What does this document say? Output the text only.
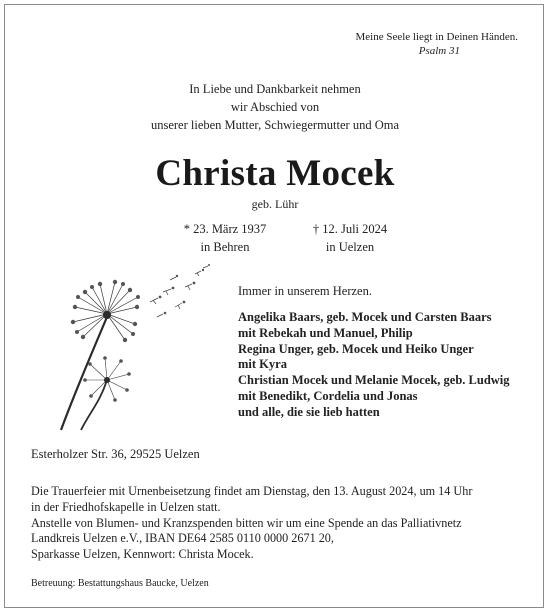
Meine Seele liegt in Deinen Händen.
Psalm 31
In Liebe und Dankbarkeit nehmen
wir Abschied von
unserer lieben Mutter, Schwiegermutter und Oma
Christa Mocek
geb. Lühr
* 23. März 1937
in Behren
† 12. Juli 2024
in Uelzen
Immer in unserem Herzen.
Angelika Baars, geb. Mocek und Carsten Baars
mit Rebekah und Manuel, Philip
Regina Unger, geb. Mocek und Heiko Unger
mit Kyra
Christian Mocek und Melanie Mocek, geb. Ludwig
mit Benedikt, Cordelia und Jonas
und alle, die sie lieb hatten
Esterholzer Str. 36, 29525 Uelzen
Die Trauerfeier mit Urnenbeisetzung findet am Dienstag, den 13. August 2024, um 14 Uhr
in der Friedhofskapelle in Uelzen statt.
Anstelle von Blumen- und Kranzspenden bitten wir um eine Spende an das Palliativnetz
Landkreis Uelzen e.V., IBAN DE64 2585 0110 0000 2671 20,
Sparkasse Uelzen, Kennwort: Christa Mocek.
Betreuung: Bestattungshaus Baucke, Uelzen
